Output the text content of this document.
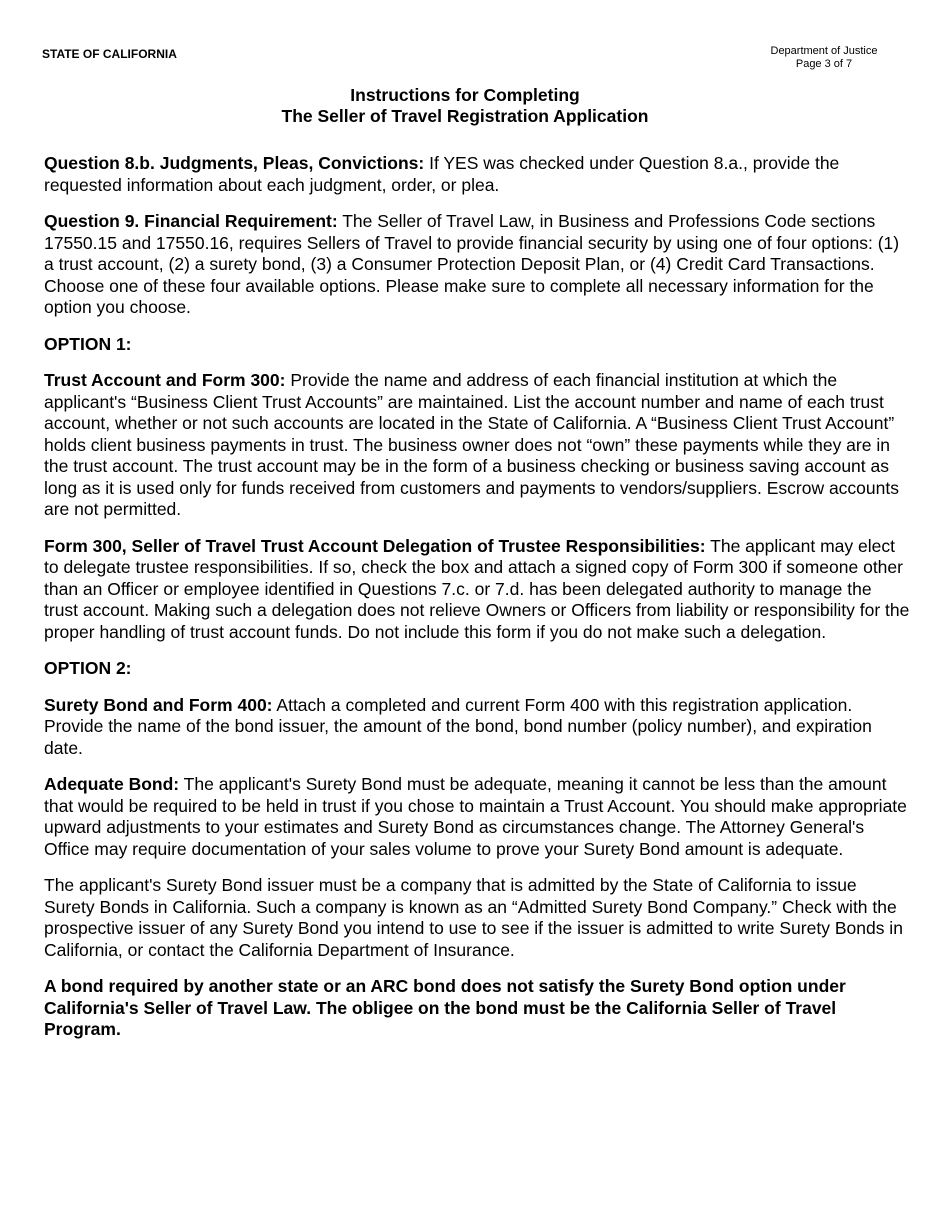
STATE OF CALIFORNIA	Department of Justice
Page 3 of 7
Instructions for Completing
The Seller of Travel Registration Application

Question 8.b. Judgments, Pleas, Convictions: If YES was checked under Question 8.a., provide the requested information about each judgment, order, or plea.

Question 9. Financial Requirement: The Seller of Travel Law, in Business and Professions Code sections 17550.15 and 17550.16, requires Sellers of Travel to provide financial security by using one of four options: (1) a trust account, (2) a surety bond, (3) a Consumer Protection Deposit Plan, or (4) Credit Card Transactions. Choose one of these four available options. Please make sure to complete all necessary information for the option you choose.

OPTION 1:

Trust Account and Form 300: Provide the name and address of each financial institution at which the applicant's “Business Client Trust Accounts” are maintained. List the account number and name of each trust account, whether or not such accounts are located in the State of California. A “Business Client Trust Account” holds client business payments in trust. The business owner does not “own” these payments while they are in the trust account. The trust account may be in the form of a business checking or business saving account as long as it is used only for funds received from customers and payments to vendors/suppliers. Escrow accounts are not permitted.

Form 300, Seller of Travel Trust Account Delegation of Trustee Responsibilities: The applicant may elect to delegate trustee responsibilities. If so, check the box and attach a signed copy of Form 300 if someone other than an Officer or employee identified in Questions 7.c. or 7.d. has been delegated authority to manage the trust account. Making such a delegation does not relieve Owners or Officers from liability or responsibility for the proper handling of trust account funds. Do not include this form if you do not make such a delegation.

OPTION 2:

Surety Bond and Form 400: Attach a completed and current Form 400 with this registration application. Provide the name of the bond issuer, the amount of the bond, bond number (policy number), and expiration date.

Adequate Bond: The applicant's Surety Bond must be adequate, meaning it cannot be less than the amount that would be required to be held in trust if you chose to maintain a Trust Account. You should make appropriate upward adjustments to your estimates and Surety Bond as circumstances change. The Attorney General's Office may require documentation of your sales volume to prove your Surety Bond amount is adequate.

The applicant's Surety Bond issuer must be a company that is admitted by the State of California to issue Surety Bonds in California. Such a company is known as an “Admitted Surety Bond Company.” Check with the prospective issuer of any Surety Bond you intend to use to see if the issuer is admitted to write Surety Bonds in California, or contact the California Department of Insurance.

A bond required by another state or an ARC bond does not satisfy the Surety Bond option under California's Seller of Travel Law. The obligee on the bond must be the California Seller of Travel Program.
